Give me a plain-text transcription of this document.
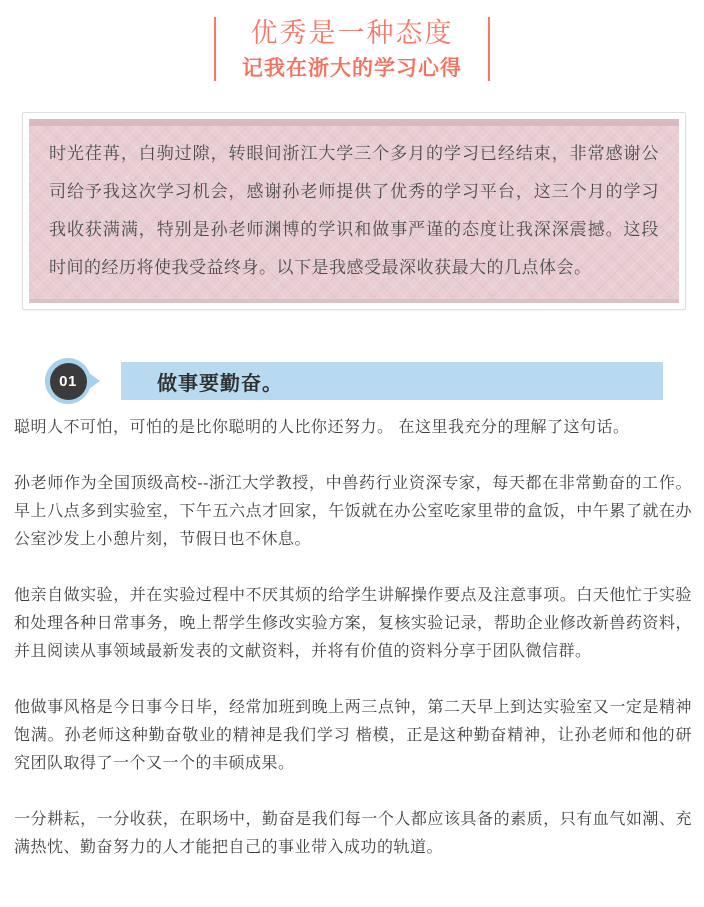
优秀是一种态度
记我在浙大的学习心得
时光荏苒，白驹过隙，转眼间浙江大学三个多月的学习已经结束，非常感谢公司给予我这次学习机会，感谢孙老师提供了优秀的学习平台，这三个月的学习我收获满满，特别是孙老师渊博的学识和做事严谨的态度让我深深震撼。这段时间的经历将使我受益终身。以下是我感受最深收获最大的几点体会。
01	做事要勤奋。
聪明人不可怕，可怕的是比你聪明的人比你还努力。 在这里我充分的理解了这句话。
孙老师作为全国顶级高校--浙江大学教授，中兽药行业资深专家，每天都在非常勤奋的工作。早上八点多到实验室，下午五六点才回家，午饭就在办公室吃家里带的盒饭，中午累了就在办公室沙发上小憩片刻，节假日也不休息。
他亲自做实验，并在实验过程中不厌其烦的给学生讲解操作要点及注意事项。白天他忙于实验和处理各种日常事务，晚上帮学生修改实验方案，复核实验记录，帮助企业修改新兽药资料，并且阅读从事领域最新发表的文献资料，并将有价值的资料分享于团队微信群。
他做事风格是今日事今日毕，经常加班到晚上两三点钟，第二天早上到达实验室又一定是精神饱满。孙老师这种勤奋敬业的精神是我们学习 楷模，正是这种勤奋精神，让孙老师和他的研究团队取得了一个又一个的丰硕成果。
一分耕耘，一分收获，在职场中，勤奋是我们每一个人都应该具备的素质，只有血气如潮、充满热忱、勤奋努力的人才能把自己的事业带入成功的轨道。
